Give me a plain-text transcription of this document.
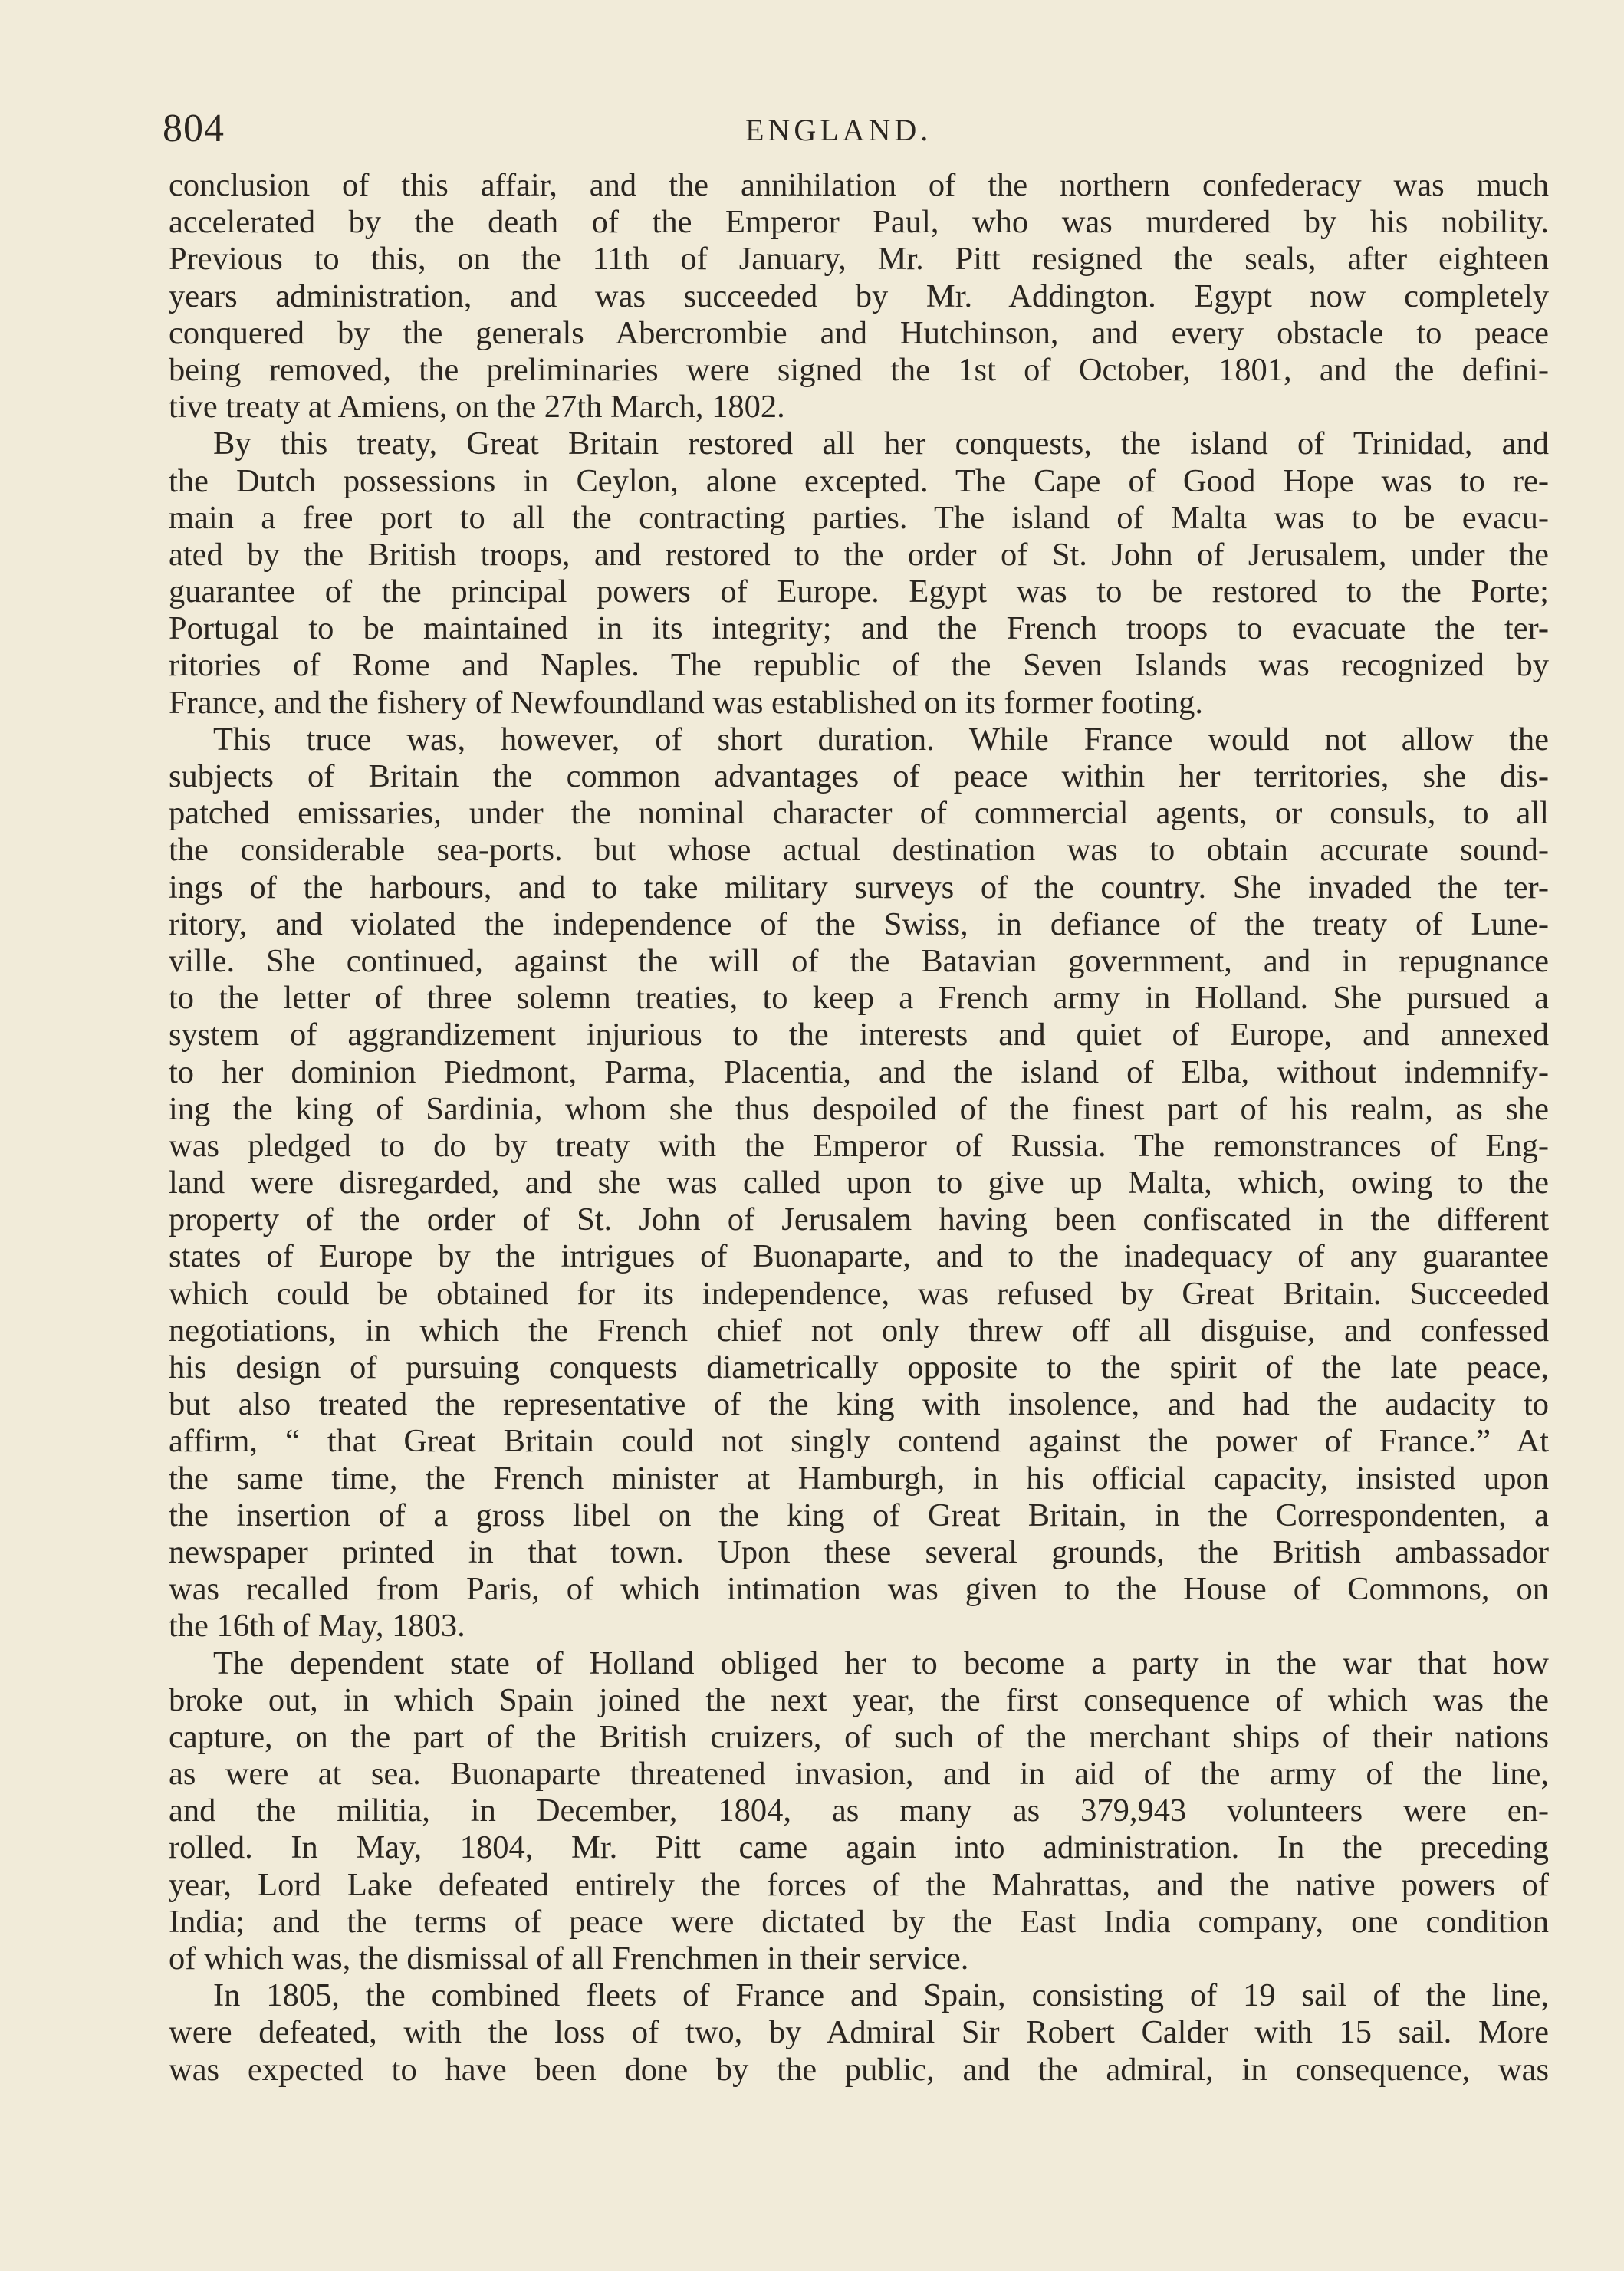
804	ENGLAND.
conclusion of this affair, and the annihilation of the northern confederacy was much
accelerated by the death of the Emperor Paul, who was murdered by his nobility.
Previous to this, on the 11th of January, Mr. Pitt resigned the seals, after eighteen
years administration, and was succeeded by Mr. Addington. Egypt now completely
conquered by the generals Abercrombie and Hutchinson, and every obstacle to peace
being removed, the preliminaries were signed the 1st of October, 1801, and the defini-
tive treaty at Amiens, on the 27th March, 1802.
By this treaty, Great Britain restored all her conquests, the island of Trinidad, and
the Dutch possessions in Ceylon, alone excepted. The Cape of Good Hope was to re-
main a free port to all the contracting parties. The island of Malta was to be evacu-
ated by the British troops, and restored to the order of St. John of Jerusalem, under the
guarantee of the principal powers of Europe. Egypt was to be restored to the Porte;
Portugal to be maintained in its integrity; and the French troops to evacuate the ter-
ritories of Rome and Naples. The republic of the Seven Islands was recognized by
France, and the fishery of Newfoundland was established on its former footing.
This truce was, however, of short duration. While France would not allow the
subjects of Britain the common advantages of peace within her territories, she dis-
patched emissaries, under the nominal character of commercial agents, or consuls, to all
the considerable sea-ports. but whose actual destination was to obtain accurate sound-
ings of the harbours, and to take military surveys of the country. She invaded the ter-
ritory, and violated the independence of the Swiss, in defiance of the treaty of Lune-
ville. She continued, against the will of the Batavian government, and in repugnance
to the letter of three solemn treaties, to keep a French army in Holland. She pursued a
system of aggrandizement injurious to the interests and quiet of Europe, and annexed
to her dominion Piedmont, Parma, Placentia, and the island of Elba, without indemnify-
ing the king of Sardinia, whom she thus despoiled of the finest part of his realm, as she
was pledged to do by treaty with the Emperor of Russia. The remonstrances of Eng-
land were disregarded, and she was called upon to give up Malta, which, owing to the
property of the order of St. John of Jerusalem having been confiscated in the different
states of Europe by the intrigues of Buonaparte, and to the inadequacy of any guarantee
which could be obtained for its independence, was refused by Great Britain. Succeeded
negotiations, in which the French chief not only threw off all disguise, and confessed
his design of pursuing conquests diametrically opposite to the spirit of the late peace,
but also treated the representative of the king with insolence, and had the audacity to
affirm, “ that Great Britain could not singly contend against the power of France.” At
the same time, the French minister at Hamburgh, in his official capacity, insisted upon
the insertion of a gross libel on the king of Great Britain, in the Correspondenten, a
newspaper printed in that town. Upon these several grounds, the British ambassador
was recalled from Paris, of which intimation was given to the House of Commons, on
the 16th of May, 1803.
The dependent state of Holland obliged her to become a party in the war that how
broke out, in which Spain joined the next year, the first consequence of which was the
capture, on the part of the British cruizers, of such of the merchant ships of their nations
as were at sea. Buonaparte threatened invasion, and in aid of the army of the line,
and the militia, in December, 1804, as many as 379,943 volunteers were en-
rolled. In May, 1804, Mr. Pitt came again into administration. In the preceding
year, Lord Lake defeated entirely the forces of the Mahrattas, and the native powers of
India; and the terms of peace were dictated by the East India company, one condition
of which was, the dismissal of all Frenchmen in their service.
In 1805, the combined fleets of France and Spain, consisting of 19 sail of the line,
were defeated, with the loss of two, by Admiral Sir Robert Calder with 15 sail. More
was expected to have been done by the public, and the admiral, in consequence, was
